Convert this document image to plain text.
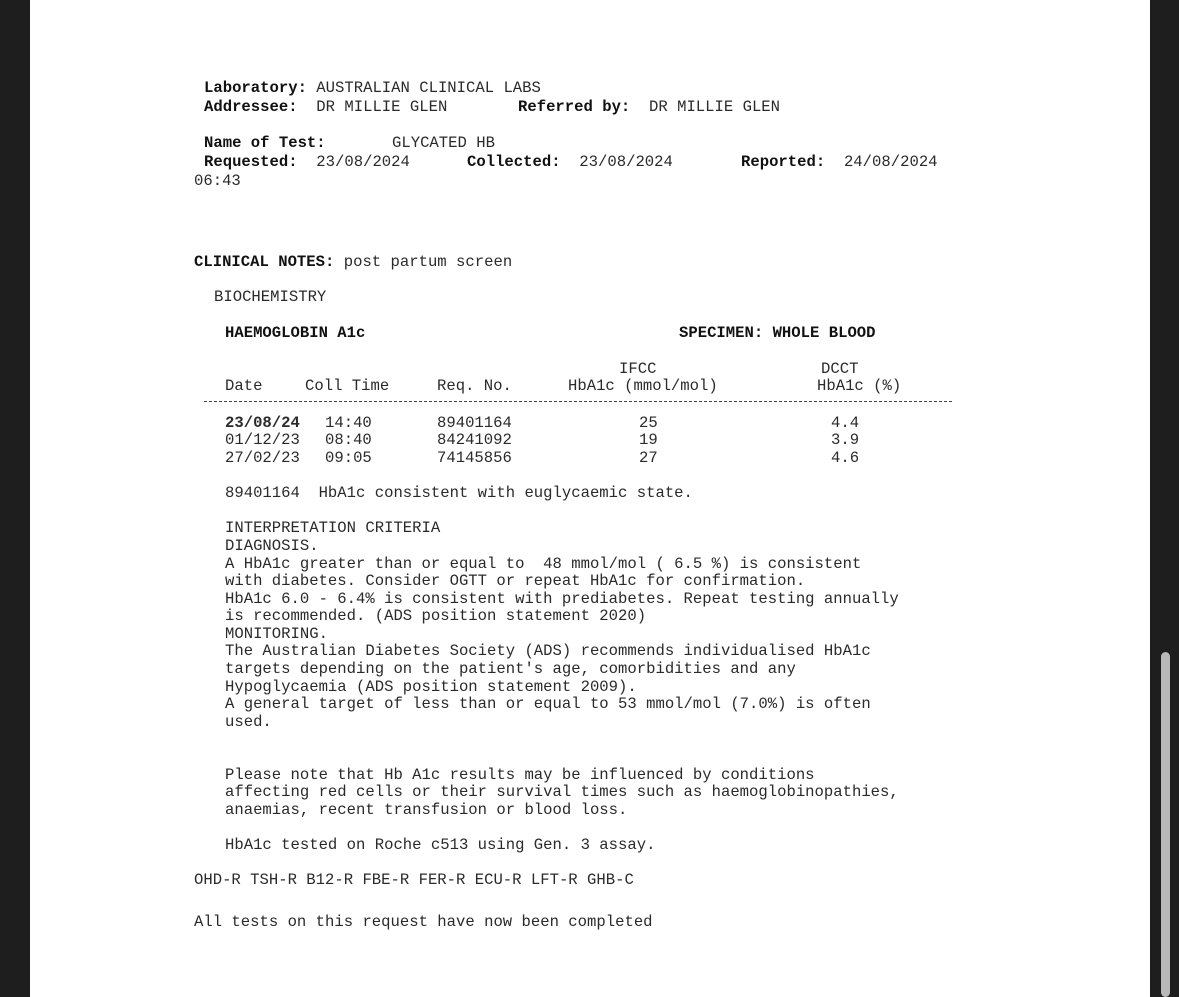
Laboratory: AUSTRALIAN CLINICAL LABS
Addressee: DR MILLIE GLEN	Referred by: DR MILLIE GLEN
Name of Test:	GLYCATED HB
Requested: 23/08/2024	Collected: 23/08/2024	Reported: 24/08/2024
06:43
CLINICAL NOTES: post partum screen
BIOCHEMISTRY
HAEMOGLOBIN A1c	SPECIMEN: WHOLE BLOOD
IFCC	DCCT
Date	Coll Time	Req. No.	HbA1c (mmol/mol)	HbA1c (%)
23/08/24 14:40	89401164	25	4.4
01/12/23 08:40	84241092	19	3.9
27/02/23 09:05	74145856	27	4.6
89401164  HbA1c consistent with euglycaemic state.
INTERPRETATION CRITERIA
DIAGNOSIS.
A HbA1c greater than or equal to  48 mmol/mol ( 6.5 %) is consistent
with diabetes. Consider OGTT or repeat HbA1c for confirmation.
HbA1c 6.0 - 6.4% is consistent with prediabetes. Repeat testing annually
is recommended. (ADS position statement 2020)
MONITORING.
The Australian Diabetes Society (ADS) recommends individualised HbA1c
targets depending on the patient's age, comorbidities and any
Hypoglycaemia (ADS position statement 2009).
A general target of less than or equal to 53 mmol/mol (7.0%) is often
used.
Please note that Hb A1c results may be influenced by conditions
affecting red cells or their survival times such as haemoglobinopathies,
anaemias, recent transfusion or blood loss.
HbA1c tested on Roche c513 using Gen. 3 assay.
OHD-R TSH-R B12-R FBE-R FER-R ECU-R LFT-R GHB-C
All tests on this request have now been completed
